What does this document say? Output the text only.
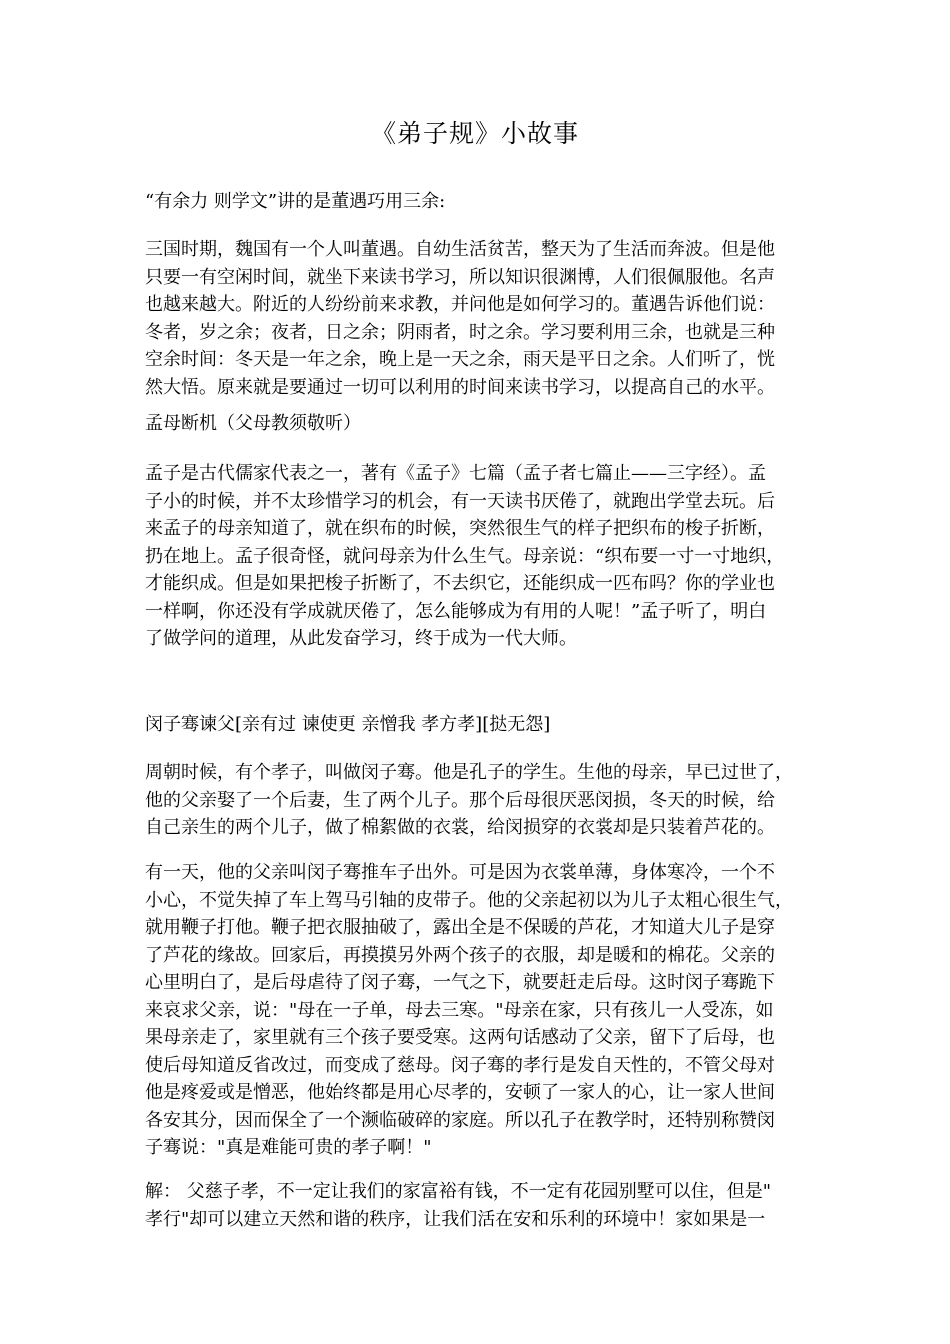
《弟子规》小故事
“有余力 则学文”讲的是董遇巧用三余:
三国时期，魏国有一个人叫董遇。自幼生活贫苦，整天为了生活而奔波。但是他
只要一有空闲时间，就坐下来读书学习，所以知识很渊博，人们很佩服他。名声
也越来越大。附近的人纷纷前来求教，并问他是如何学习的。董遇告诉他们说：
冬者，岁之余；夜者，日之余；阴雨者，时之余。学习要利用三余，也就是三种
空余时间：冬天是一年之余，晚上是一天之余，雨天是平日之余。人们听了，恍
然大悟。原来就是要通过一切可以利用的时间来读书学习，以提高自己的水平。
孟母断机（父母教须敬听）
孟子是古代儒家代表之一，著有《孟子》七篇（孟子者七篇止——三字经）。孟
子小的时候，并不太珍惜学习的机会，有一天读书厌倦了，就跑出学堂去玩。后
来孟子的母亲知道了，就在织布的时候，突然很生气的样子把织布的梭子折断，
扔在地上。孟子很奇怪，就问母亲为什么生气。母亲说：“织布要一寸一寸地织，
才能织成。但是如果把梭子折断了，不去织它，还能织成一匹布吗？你的学业也
一样啊，你还没有学成就厌倦了，怎么能够成为有用的人呢！”孟子听了，明白
了做学问的道理，从此发奋学习，终于成为一代大师。
闵子骞谏父[亲有过 谏使更 亲憎我 孝方孝][挞无怨]
周朝时候，有个孝子，叫做闵子骞。他是孔子的学生。生他的母亲，早已过世了，
他的父亲娶了一个后妻，生了两个儿子。那个后母很厌恶闵损，冬天的时候，给
自己亲生的两个儿子，做了棉絮做的衣裳，给闵损穿的衣裳却是只装着芦花的。
有一天，他的父亲叫闵子骞推车子出外。可是因为衣裳单薄，身体寒冷，一个不
小心，不觉失掉了车上驾马引轴的皮带子。他的父亲起初以为儿子太粗心很生气，
就用鞭子打他。鞭子把衣服抽破了，露出全是不保暖的芦花，才知道大儿子是穿
了芦花的缘故。回家后，再摸摸另外两个孩子的衣服，却是暖和的棉花。父亲的
心里明白了，是后母虐待了闵子骞，一气之下，就要赶走后母。这时闵子骞跪下
来哀求父亲，说："母在一子单，母去三寒。"母亲在家，只有孩儿一人受冻，如
果母亲走了，家里就有三个孩子要受寒。这两句话感动了父亲，留下了后母，也
使后母知道反省改过，而变成了慈母。闵子骞的孝行是发自天性的，不管父母对
他是疼爱或是憎恶，他始终都是用心尽孝的，安顿了一家人的心，让一家人世间
各安其分，因而保全了一个濒临破碎的家庭。所以孔子在教学时，还特别称赞闵
子骞说："真是难能可贵的孝子啊！"
解： 父慈子孝，不一定让我们的家富裕有钱，不一定有花园别墅可以住，但是"
孝行"却可以建立天然和谐的秩序，让我们活在安和乐利的环境中！家如果是一
